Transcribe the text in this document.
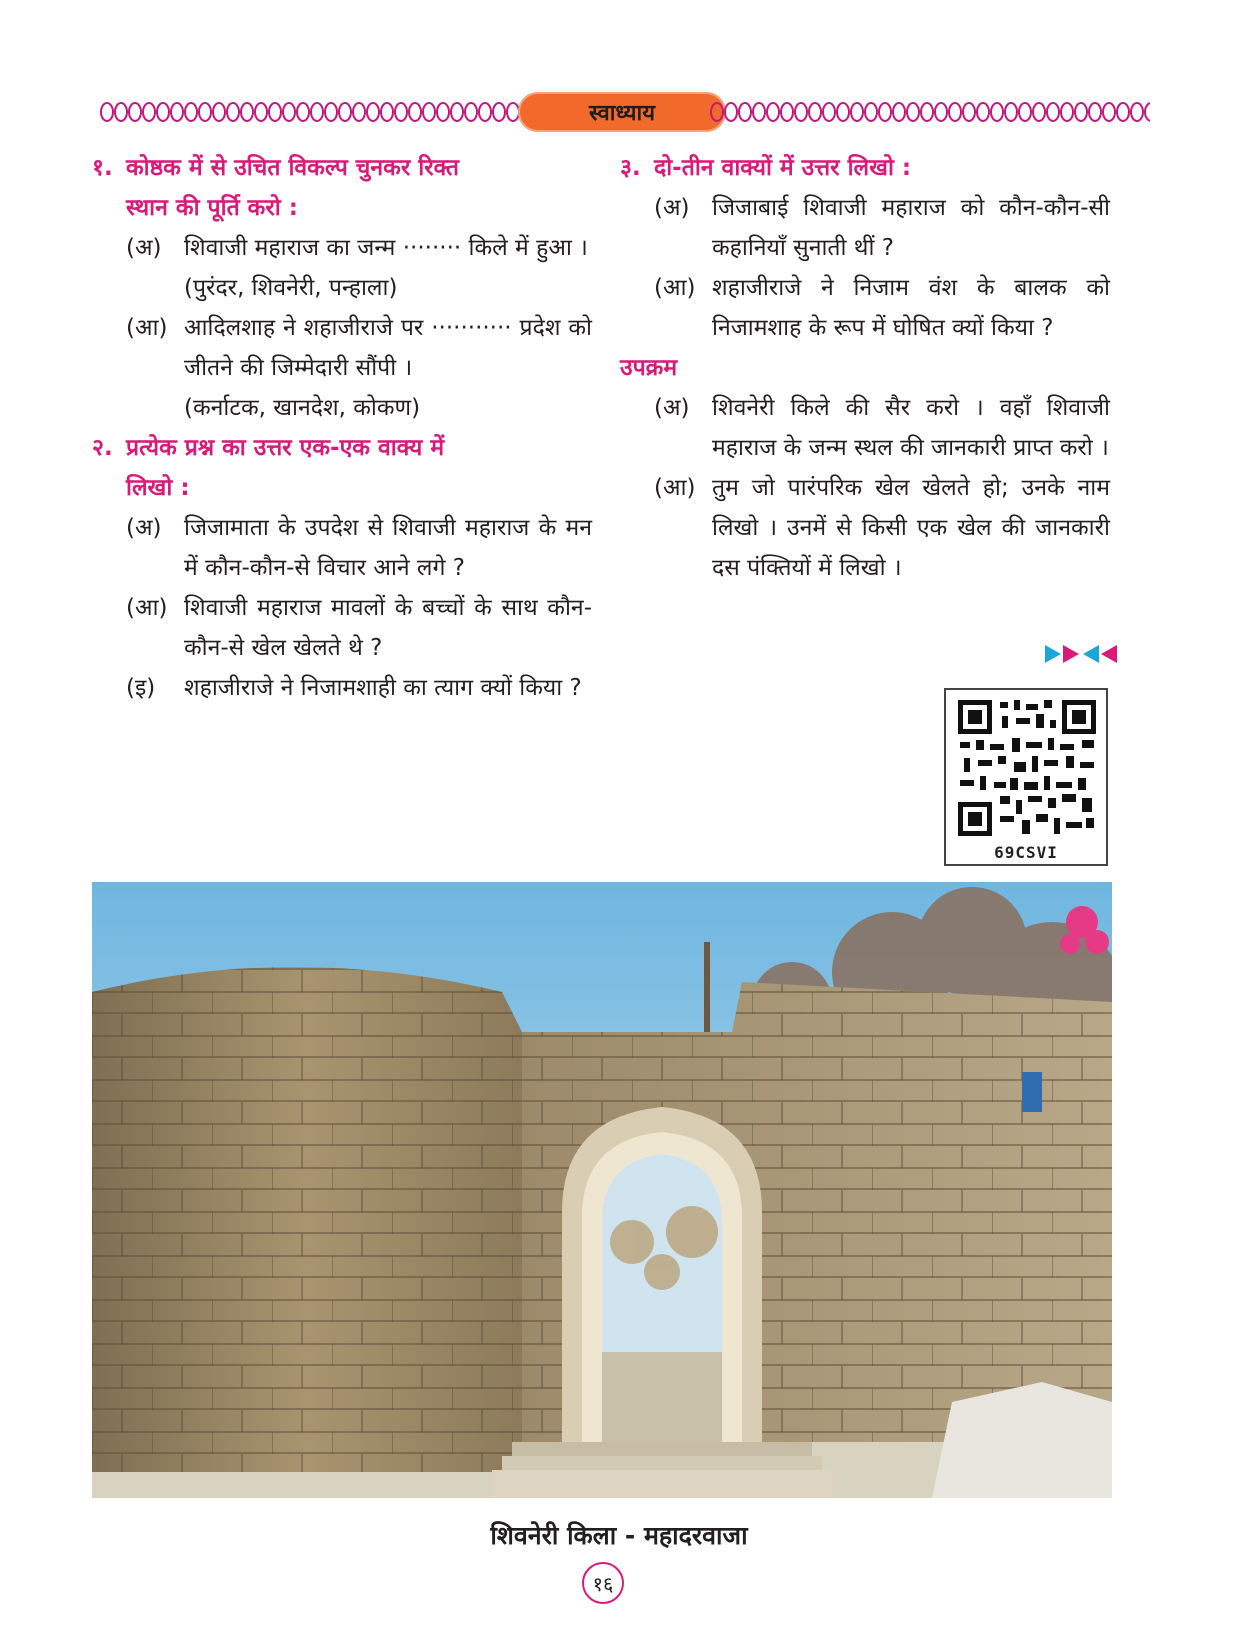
स्वाध्याय
१. कोष्ठक में से उचित विकल्प चुनकर रिक्त
स्थान की पूर्ति करो :
(अ) शिवाजी महाराज का जन्म ········ किले में हुआ ।
(पुरंदर, शिवनेरी, पन्हाला)
(आ) आदिलशाह ने शहाजीराजे पर ··········· प्रदेश को जीतने की जिम्मेदारी सौंपी ।
(कर्नाटक, खानदेश, कोकण)
२. प्रत्येक प्रश्न का उत्तर एक-एक वाक्य में
लिखो :
(अ) जिजामाता के उपदेश से शिवाजी महाराज के मन में कौन-कौन-से विचार आने लगे ?
(आ) शिवाजी महाराज मावलों के बच्चों के साथ कौन-कौन-से खेल खेलते थे ?
(इ)	शहाजीराजे ने निजामशाही का त्याग क्यों किया ?
३. दो-तीन वाक्यों में उत्तर लिखो :
(अ) जिजाबाई शिवाजी महाराज को कौन-कौन-सी कहानियाँ सुनाती थीं ?
(आ) शहाजीराजे ने निजाम वंश के बालक को निजामशाह के रूप में घोषित क्यों किया ?
उपक्रम
(अ) शिवनेरी किले की सैर करो । वहाँ शिवाजी महाराज के जन्म स्थल की जानकारी प्राप्त करो ।
(आ) तुम जो पारंपरिक खेल खेलते हो; उनके नाम लिखो । उनमें से किसी एक खेल की जानकारी दस पंक्तियों में लिखो ।
69CSVI
शिवनेरी किला - महादरवाजा
१६
